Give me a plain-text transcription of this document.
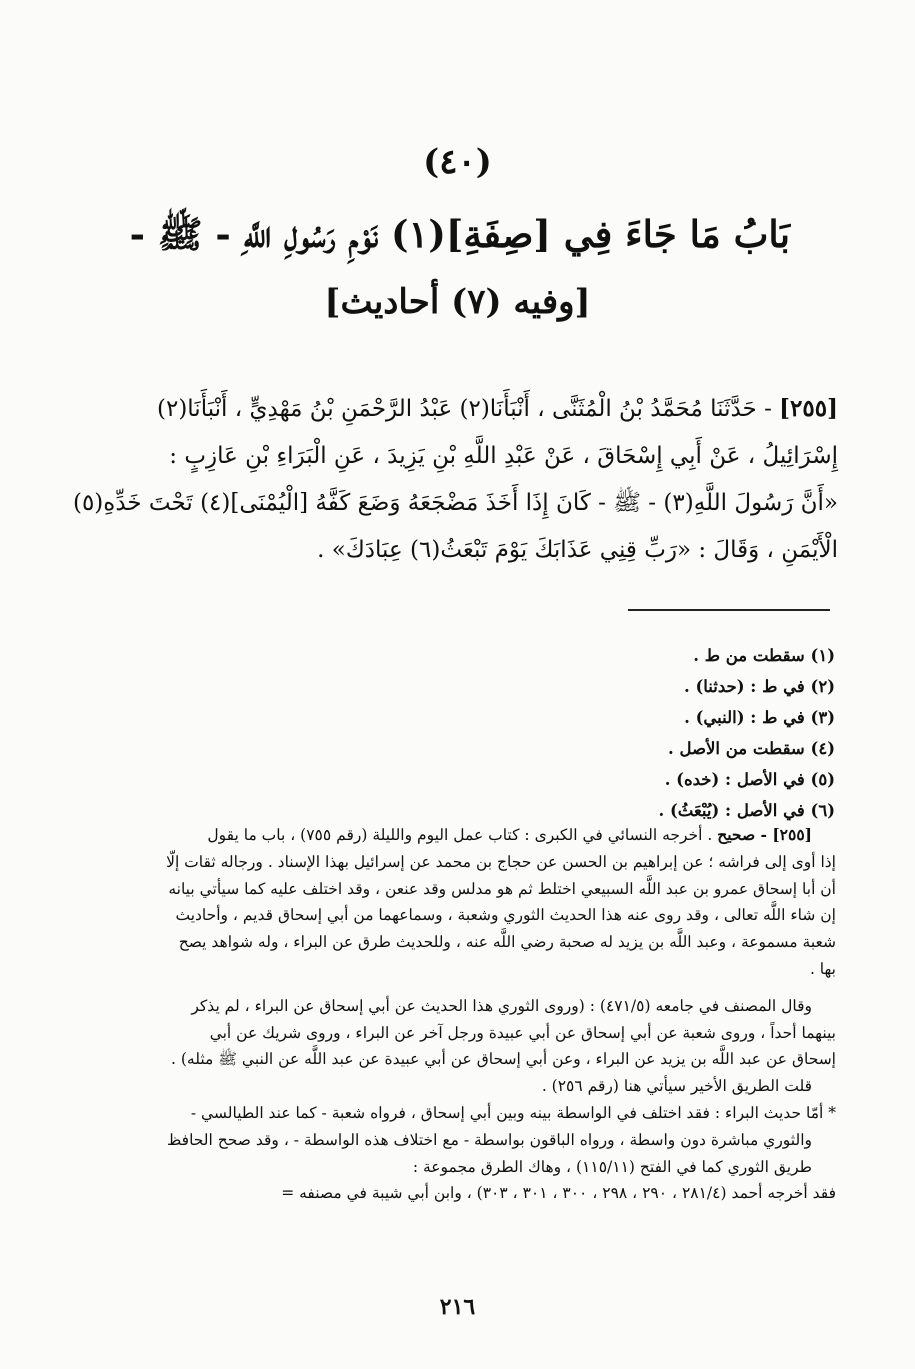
(٤٠)
بَابُ مَا جَاءَ فِي [صِفَةِ](١) نَوْمِ رَسُولِ اللَّهِ - ﷺ -
[وفيه (٧) أحاديث]

[٢٥٥] - حَدَّثَنَا مُحَمَّدُ بْنُ الْمُثَنَّى ، أَنْبَأَنَا(٢) عَبْدُ الرَّحْمَنِ بْنُ مَهْدِيٍّ ، أَنْبَأَنَا(٢)

إِسْرَائِيلُ ، عَنْ أَبِي إِسْحَاقَ ، عَنْ عَبْدِ اللَّهِ بْنِ يَزِيدَ ، عَنِ الْبَرَاءِ بْنِ عَازِبٍ :

«أَنَّ رَسُولَ اللَّهِ(٣) - ﷺ - كَانَ إِذَا أَخَذَ مَضْجَعَهُ وَضَعَ كَفَّهُ [الْيُمْنَى](٤) تَحْتَ خَدِّهِ(٥)

الْأَيْمَنِ ، وَقَالَ : «رَبِّ قِنِي عَذَابَكَ يَوْمَ تَبْعَثُ(٦) عِبَادَكَ» .

(١) سقطت من ط .
(٢) في ط : (حدثنا) .
(٣) في ط : (النبي) .
(٤) سقطت من الأصل .
(٥) في الأصل : (خده) .
(٦) في الأصل : (يُبْعَثُ) .
[٢٥٥] - صحيح . أخرجه النسائي في الكبرى : كتاب عمل اليوم والليلة (رقم ٧٥٥) ، باب ما يقول
إذا أوى إلى فراشه ؛ عن إبراهيم بن الحسن عن حجاج بن محمد عن إسرائيل بهذا الإسناد . ورجاله ثقات إلّا
أن أبا إسحاق عمرو بن عبد اللَّه السبيعي اختلط ثم هو مدلس وقد عنعن ، وقد اختلف عليه كما سيأتي بيانه
إن شاء اللَّه تعالى ، وقد روى عنه هذا الحديث الثوري وشعبة ، وسماعهما من أبي إسحاق قديم ، وأحاديث
شعبة مسموعة ، وعبد اللَّه بن يزيد له صحبة رضي اللَّه عنه ، وللحديث طرق عن البراء ، وله شواهد يصح
بها .
وقال المصنف في جامعه (٤٧١/٥) : (وروى الثوري هذا الحديث عن أبي إسحاق عن البراء ، لم يذكر
بينهما أحداً ، وروى شعبة عن أبي إسحاق عن أبي عبيدة ورجل آخر عن البراء ، وروى شريك عن أبي
إسحاق عن عبد اللَّه بن يزيد عن البراء ، وعن أبي إسحاق عن أبي عبيدة عن عبد اللَّه عن النبي ﷺ مثله) .
قلت الطريق الأخير سيأتي هنا (رقم ٢٥٦) .
* أمّا حديث البراء : فقد اختلف في الواسطة بينه وبين أبي إسحاق ، فرواه شعبة - كما عند الطيالسي -
والثوري مباشرة دون واسطة ، ورواه الباقون بواسطة - مع اختلاف هذه الواسطة - ، وقد صحح الحافظ
طريق الثوري كما في الفتح (١١٥/١١) ، وهاك الطرق مجموعة :
فقد أخرجه أحمد (٢٨١/٤ ، ٢٩٠ ، ٢٩٨ ، ٣٠٠ ، ٣٠١ ، ٣٠٣) ، وابن أبي شيبة في مصنفه =
٢١٦
